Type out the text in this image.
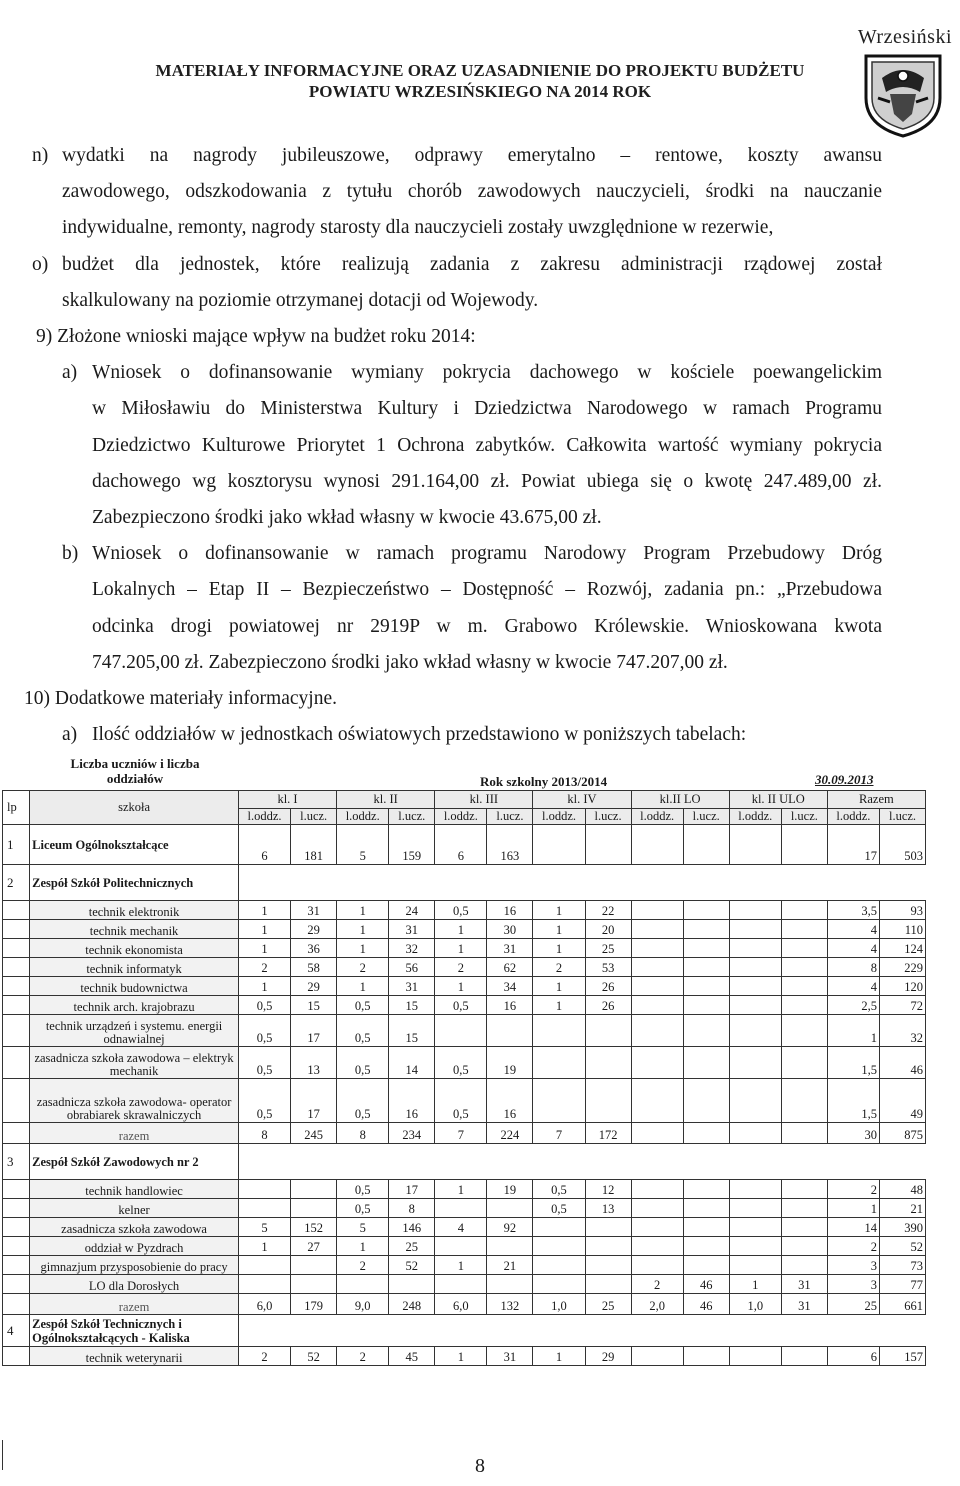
MATERIAŁY INFORMACYJNE ORAZ UZASADNIENIE DO PROJEKTU BUDŻETU
POWIATU WRZESIŃSKIEGO NA 2014 ROK
Wrzesiński

n) wydatki na nagrody jubileuszowe, odprawy emerytalno – rentowe, koszty awansu

zawodowego, odszkodowania z tytułu chorób zawodowych nauczycieli, środki na nauczanie

indywidualne, remonty, nagrody starosty dla nauczycieli zostały uwzględnione w rezerwie,

o) budżet dla jednostek, które realizują zadania z zakresu administracji rządowej został

skalkulowany na poziomie otrzymanej dotacji od Wojewody.

9) Złożone wnioski mające wpływ na budżet roku 2014:

a) Wniosek o dofinansowanie wymiany pokrycia dachowego w kościele poewangelickim

w Miłosławiu do Ministerstwa Kultury i Dziedzictwa Narodowego w ramach Programu

Dziedzictwo Kulturowe Priorytet 1 Ochrona zabytków. Całkowita wartość wymiany pokrycia

dachowego wg kosztorysu wynosi 291.164,00 zł. Powiat ubiega się o kwotę 247.489,00 zł.

Zabezpieczono środki jako wkład własny w kwocie 43.675,00 zł.

b) Wniosek o dofinansowanie w ramach programu Narodowy Program Przebudowy Dróg

Lokalnych – Etap II – Bezpieczeństwo – Dostępność – Rozwój, zadania pn.: „Przebudowa

odcinka drogi powiatowej nr 2919P w m. Grabowo Królewskie. Wnioskowana kwota

747.205,00 zł. Zabezpieczono środki jako wkład własny w kwocie 747.207,00 zł.

10) Dodatkowe materiały informacyjne.

a) Ilość oddziałów w jednostkach oświatowych przedstawiono w poniższych tabelach:

Liczba uczniów i liczba oddziałów	Rok szkolny 2013/2014	30.09.2013
lp	szkoła	kl. I		kl. II		kl. III		kl. IV		kl.II LO		kl. II ULO		Razem	
		l.oddz.	l.ucz.	l.oddz.	l.ucz.	l.oddz.	l.ucz.	l.oddz.	l.ucz.	l.oddz.	l.ucz.	l.oddz.	l.ucz.	l.oddz.	l.ucz.
1	Liceum Ogólnokształcące	6	181	5	159	6	163							17	503
2	Zespół Szkół Politechnicznych														
	technik elektronik	1	31	1	24	0,5	16	1	22					3,5	93
	technik mechanik	1	29	1	31	1	30	1	20					4	110
	technik ekonomista	1	36	1	32	1	31	1	25					4	124
	technik informatyk	2	58	2	56	2	62	2	53					8	229
	technik budownictwa	1	29	1	31	1	34	1	26					4	120
	technik arch. krajobrazu	0,5	15	0,5	15	0,5	16	1	26					2,5	72
	technik urządzeń i systemu. energii odnawialnej	0,5	17	0,5	15									1	32
	zasadnicza szkoła zawodowa – elektryk mechanik	0,5	13	0,5	14	0,5	19							1,5	46
	zasadnicza szkoła zawodowa- operator obrabiarek skrawalniczych	0,5	17	0,5	16	0,5	16							1,5	49
	razem	8	245	8	234	7	224	7	172					30	875
3	Zespół Szkół Zawodowych nr 2														
	technik handlowiec			0,5	17	1	19	0,5	12					2	48
	kelner			0,5	8			0,5	13					1	21
	zasadnicza szkoła zawodowa	5	152	5	146	4	92							14	390
	oddział w Pyzdrach	1	27	1	25									2	52
	gimnazjum przysposobienie do pracy			2	52	1	21							3	73
	LO dla Dorosłych									2	46	1	31	3	77
	razem	6,0	179	9,0	248	6,0	132	1,0	25	2,0	46	1,0	31	25	661
4	Zespół Szkół Technicznych i Ogólnokształcących - Kaliska														
	technik weterynarii	2	52	2	45	1	31	1	29					6	157
8
